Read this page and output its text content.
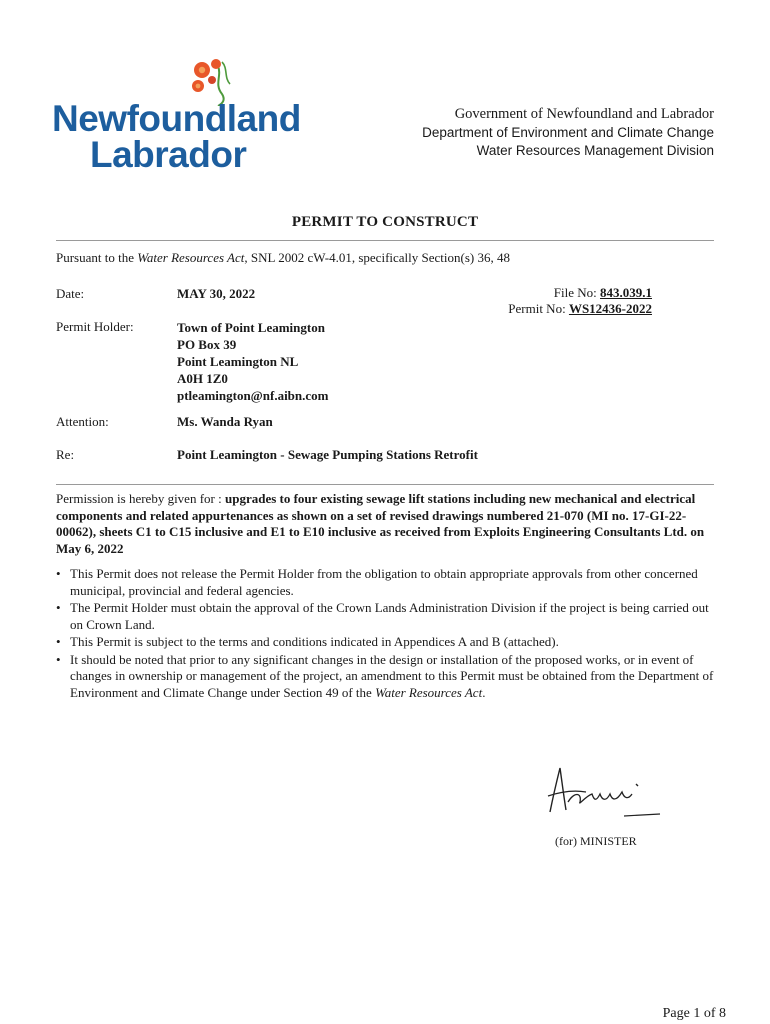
Newfoundland
Labrador
Government of Newfoundland and Labrador
Department of Environment and Climate Change
Water Resources Management Division
PERMIT TO CONSTRUCT
Pursuant to the Water Resources Act, SNL 2002 cW-4.01, specifically Section(s) 36, 48
Date:	MAY 30, 2022	File No: 843.039.1
Permit No: WS12436-2022
Permit Holder:	Town of Point Leamington
PO Box 39
Point Leamington NL
A0H 1Z0
ptleamington@nf.aibn.com
Attention:	Ms. Wanda Ryan
Re:	Point Leamington - Sewage Pumping Stations Retrofit
Permission is hereby given for : upgrades to four existing sewage lift stations including new mechanical and electrical components and related appurtenances as shown on a set of revised drawings numbered 21-070 (MI no. 17-GI-22-00062), sheets C1 to C15 inclusive and E1 to E10 inclusive as received from Exploits Engineering Consultants Ltd. on May 6, 2022
• This Permit does not release the Permit Holder from the obligation to obtain appropriate approvals from other concerned municipal, provincial and federal agencies.
• The Permit Holder must obtain the approval of the Crown Lands Administration Division if the project is being carried out on Crown Land.
• This Permit is subject to the terms and conditions indicated in Appendices A and B (attached).
• It should be noted that prior to any significant changes in the design or installation of the proposed works, or in event of changes in ownership or management of the project, an amendment to this Permit must be obtained from the Department of Environment and Climate Change under Section 49 of the Water Resources Act.
(for) MINISTER
Page 1 of 8
